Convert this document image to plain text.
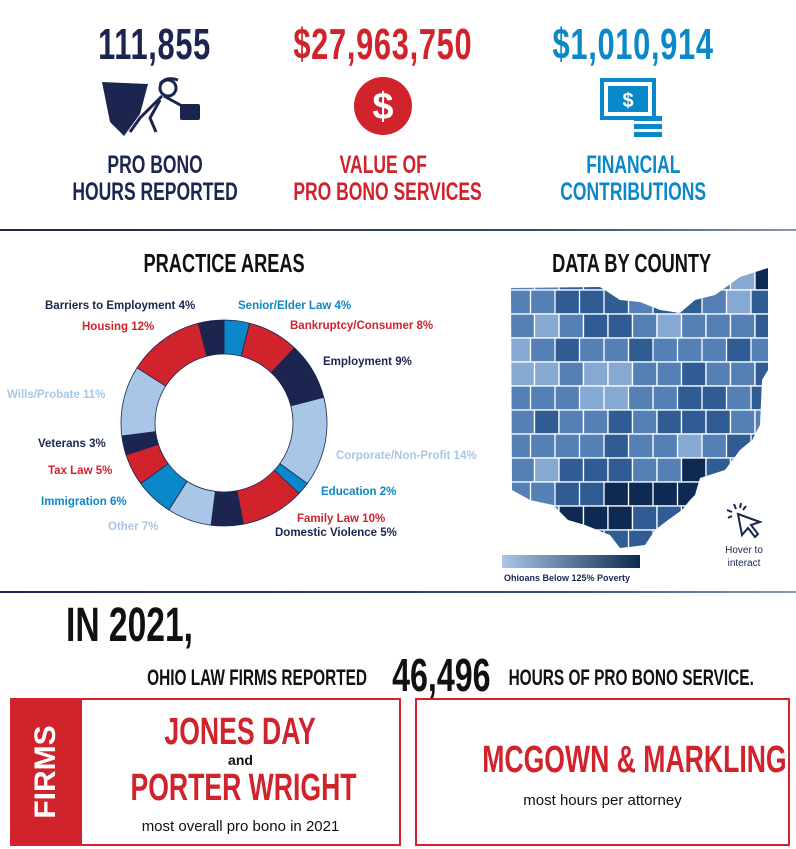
111,855
PRO BONO
HOURS REPORTED
$27,963,750
$
VALUE OF
PRO BONO SERVICES
$1,010,914
$
FINANCIAL
CONTRIBUTIONS
PRACTICE AREAS
Senior/Elder Law 4%
Bankruptcy/Consumer 8%
Employment 9%
Corporate/Non-Profit 14%
Education 2%
Family Law 10%
Domestic Violence 5%
Other 7%
Immigration 6%
Tax Law 5%
Veterans 3%
Wills/Probate 11%
Housing 12%
Barriers to Employment 4%
DATA BY COUNTY
Ohioans Below 125% Poverty
Hover to interact
IN 2021,
OHIO LAW FIRMS REPORTED 46,496 HOURS OF PRO BONO SERVICE.
FIRMS	JONES DAY
and
PORTER WRIGHT
most overall pro bono in 2021
MCGOWN & MARKLING
most hours per attorney
